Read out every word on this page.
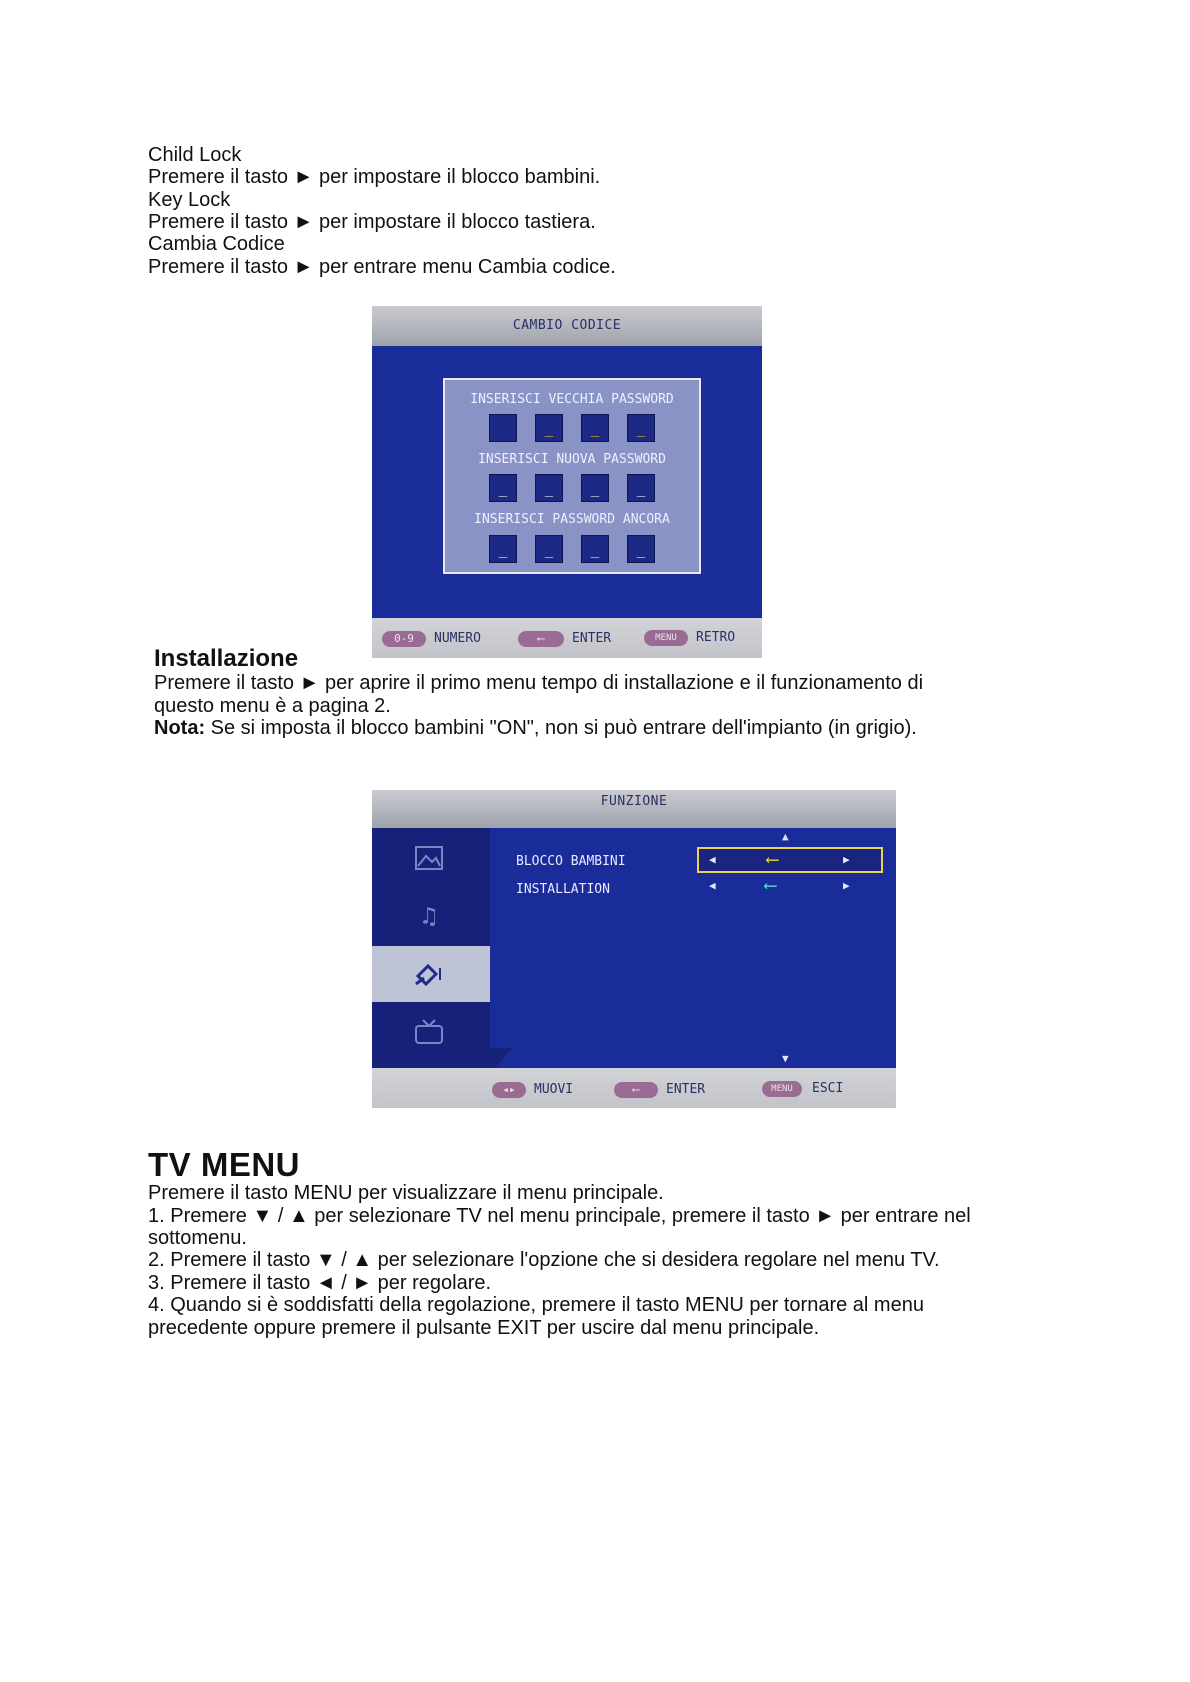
Child Lock

Premere il tasto ► per impostare il blocco bambini.

Key Lock

Premere il tasto ► per impostare il blocco tastiera.

Cambia Codice

Premere il tasto ► per entrare menu Cambia codice.

CAMBIO CODICE
INSERISCI VECCHIA PASSWORD
_	_	_
INSERISCI NUOVA PASSWORD
_	_	_	_
INSERISCI PASSWORD ANCORA
_	_	_	_
0-9	NUMERO	⟵	ENTER	MENU	RETRO
Installazione

Premere il tasto ► per aprire il primo menu tempo di installazione e il funzionamento di

questo menu è a pagina 2.

Nota: Se si imposta il blocco bambini "ON", non si può entrare dell'impianto (in grigio).

FUNZIONE
♫
▲
BLOCCO BAMBINI	◀	⟵	▶
INSTALLATION	◀	⟵	▶
▼
◂▸	MUOVI	⟵	ENTER	MENU	ESCI
TV MENU

Premere il tasto MENU per visualizzare il menu principale.

1. Premere ▼ / ▲ per selezionare TV nel menu principale, premere il tasto ► per entrare nel

sottomenu.

2. Premere il tasto ▼ / ▲ per selezionare l'opzione che si desidera regolare nel menu TV.

3. Premere il tasto ◄ / ► per regolare.

4. Quando si è soddisfatti della regolazione, premere il tasto MENU per tornare al menu

precedente oppure premere il pulsante EXIT per uscire dal menu principale.
